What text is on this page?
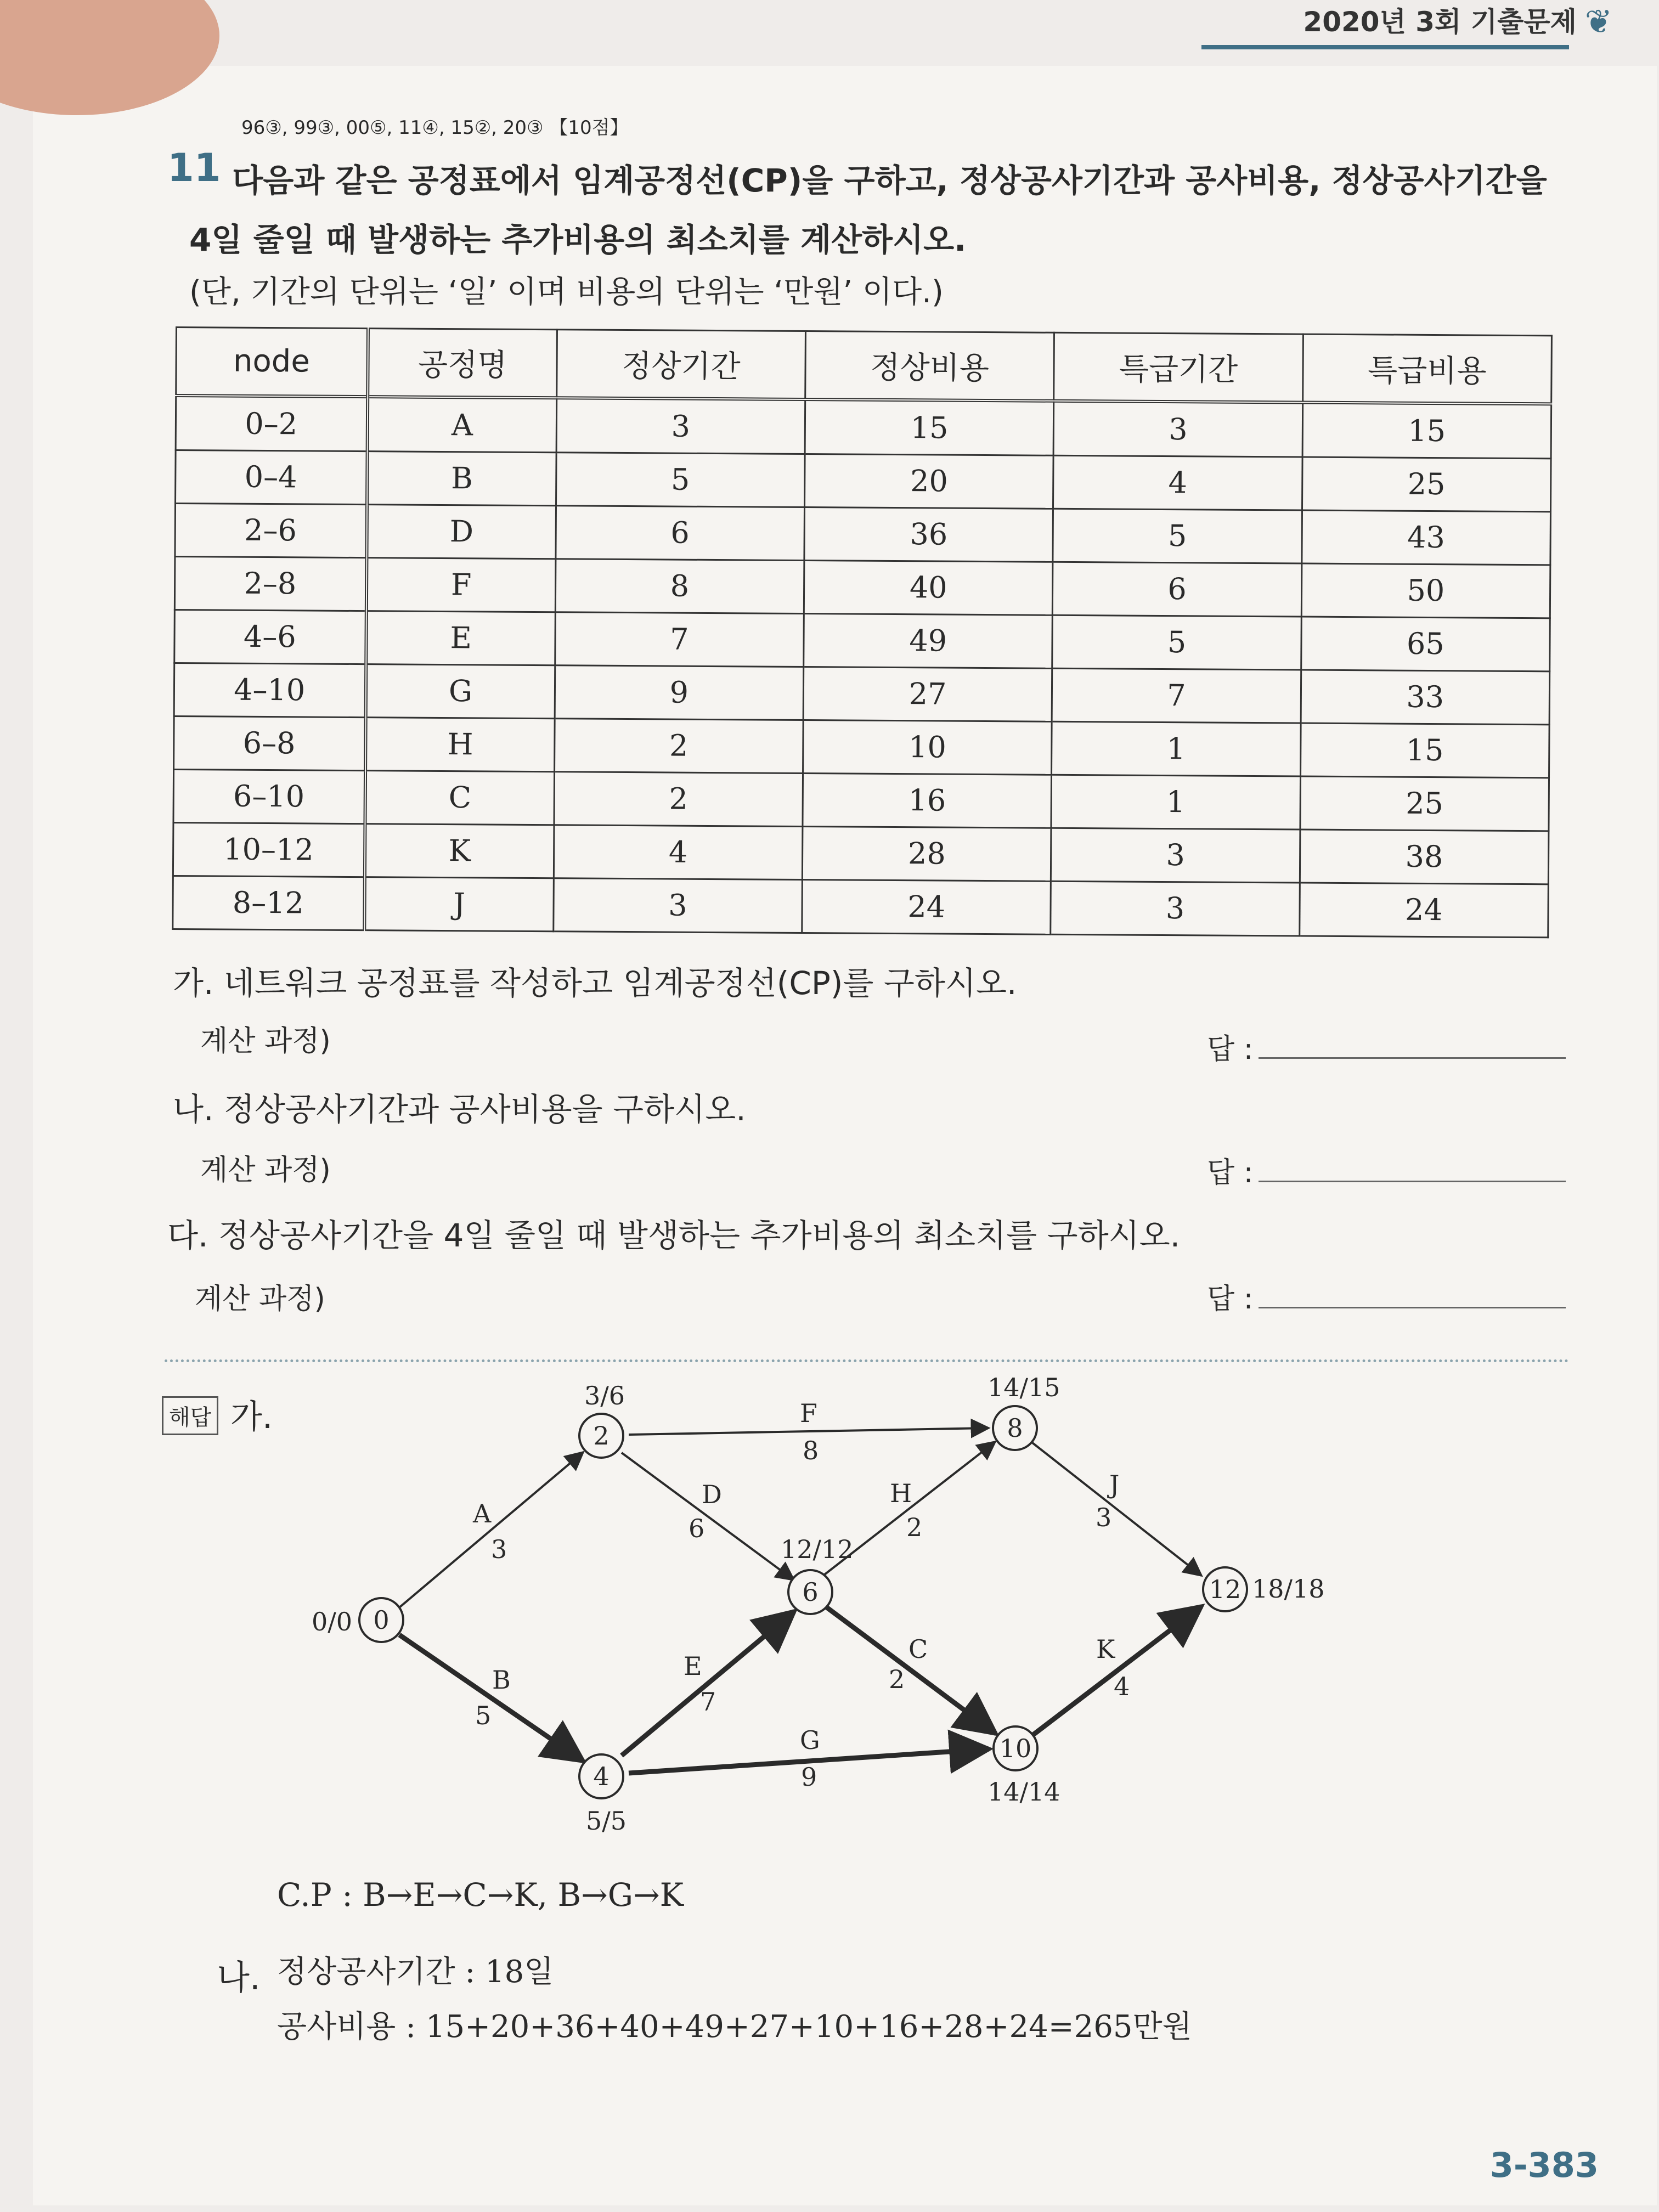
2020년 3회 기출문제 ❦
96③, 99③, 00⑤, 11④, 15②, 20③ 【10점】
11
  다음과 같은 공정표에서 임계공정선(CP)을 구하고, 정상공사기간과 공사비용, 정상공사기간을 4일 줄일 때 발생하는 추가비용의 최소치를 계산하시오.
(단, 기간의 단위는 ‘일’ 이며 비용의 단위는 ‘만원’ 이다.)
node	공정명	정상기간	정상비용	특급기간	특급비용
0–2	A	3	15	3	15
0–4	B	5	20	4	25
2–6	D	6	36	5	43
2–8	F	8	40	6	50
4–6	E	7	49	5	65
4–10	G	9	27	7	33
6–8	H	2	10	1	15
6–10	C	2	16	1	25
10–12	K	4	28	3	38
8–12	J	3	24	3	24
가. 네트워크 공정표를 작성하고 임계공정선(CP)를 구하시오.
계산 과정)	답 :
나. 정상공사기간과 공사비용을 구하시오.
계산 과정)	답 :
다. 정상공사기간을 4일 줄일 때 발생하는 추가비용의 최소치를 구하시오.
계산 과정)	답 :
해답 가.
A
3
B
5
D
6
F
8
E
7
G
9
H
2
C
2
K
4
J
3
0
0/0
2
3/6
4
5/5
6
12/12
8
14/15
10
14/14
12 18/18
C.P : B→E→C→K, B→G→K
나. 정상공사기간 : 18일
공사비용 : 15+20+36+40+49+27+10+16+28+24=265만원
3-383
